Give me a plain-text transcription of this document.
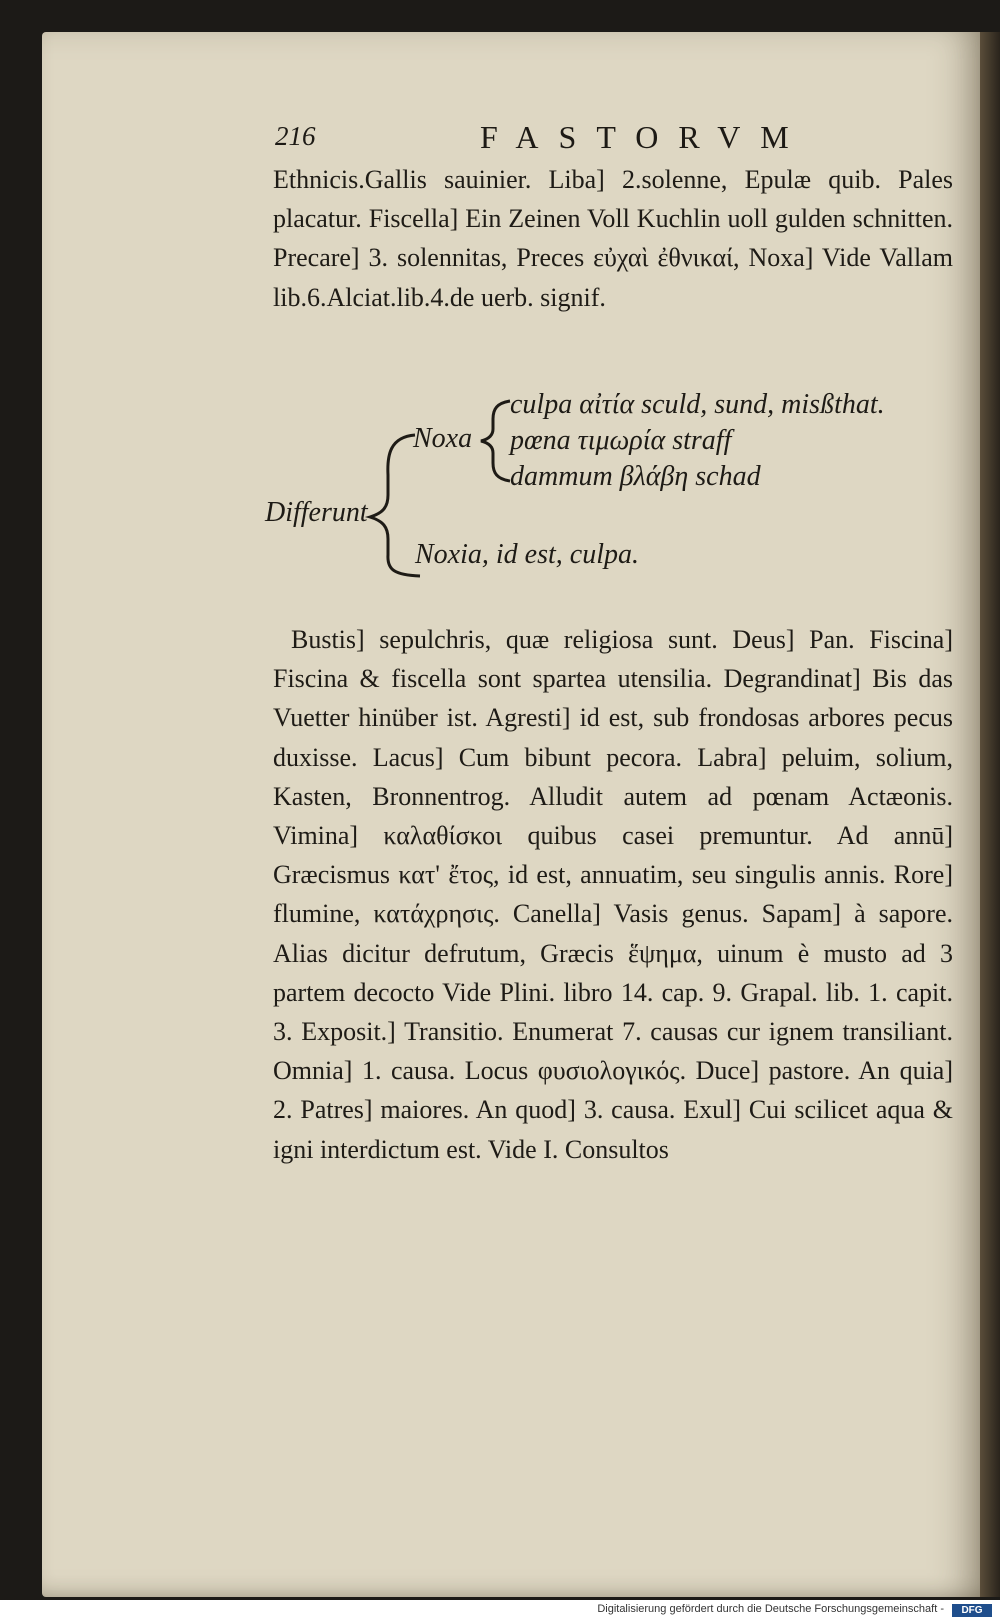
216	FASTORVM

Ethnicis.Gallis sauinier. Liba] 2.solenne, Epulæ quib. Pales placatur. Fiscella] Ein Zeinen Voll Kuchlin uoll gulden schnitten. Precare] 3. solennitas, Preces εὐχαὶ ἐθνικαί, Noxa] Vide Vallam lib.6.Alciat.lib.4.de uerb. signif.

Differunt
Noxa
culpa αἰτία sculd, sund, misßthat.
pœna τιμωρία straff
dammum βλάβη schad
Noxia, id est, culpa.

Bustis] sepulchris, quæ religiosa sunt. Deus] Pan. Fiscina] Fiscina & fiscella sont spartea utensilia. Degrandinat] Bis das Vuetter hinüber ist. Agresti] id est, sub frondosas arbores pecus duxisse. Lacus] Cum bibunt pecora. Labra] peluim, solium, Kasten, Bronnentrog. Alludit autem ad pœnam Actæonis. Vimina] καλαθίσκοι quibus casei premuntur. Ad annū] Græcismus κατ' ἔτος, id est, annuatim, seu singulis annis. Rore] flumine, κατάχρησις. Canella] Vasis genus. Sapam] à sapore. Alias dicitur defrutum, Græcis ἕψημα, uinum è musto ad 3 partem decocto Vide Plini. libro 14. cap. 9. Grapal. lib. 1. capit. 3. Exposit.] Transitio. Enumerat 7. causas cur ignem transiliant. Omnia] 1. causa. Locus φυσιολογικός. Duce] pastore. An quia] 2. Patres] maiores. An quod] 3. causa. Exul] Cui scilicet aqua & igni interdictum est. Vide I. Consultos

Digitalisierung gefördert durch die Deutsche Forschungsgemeinschaft -	DFG
